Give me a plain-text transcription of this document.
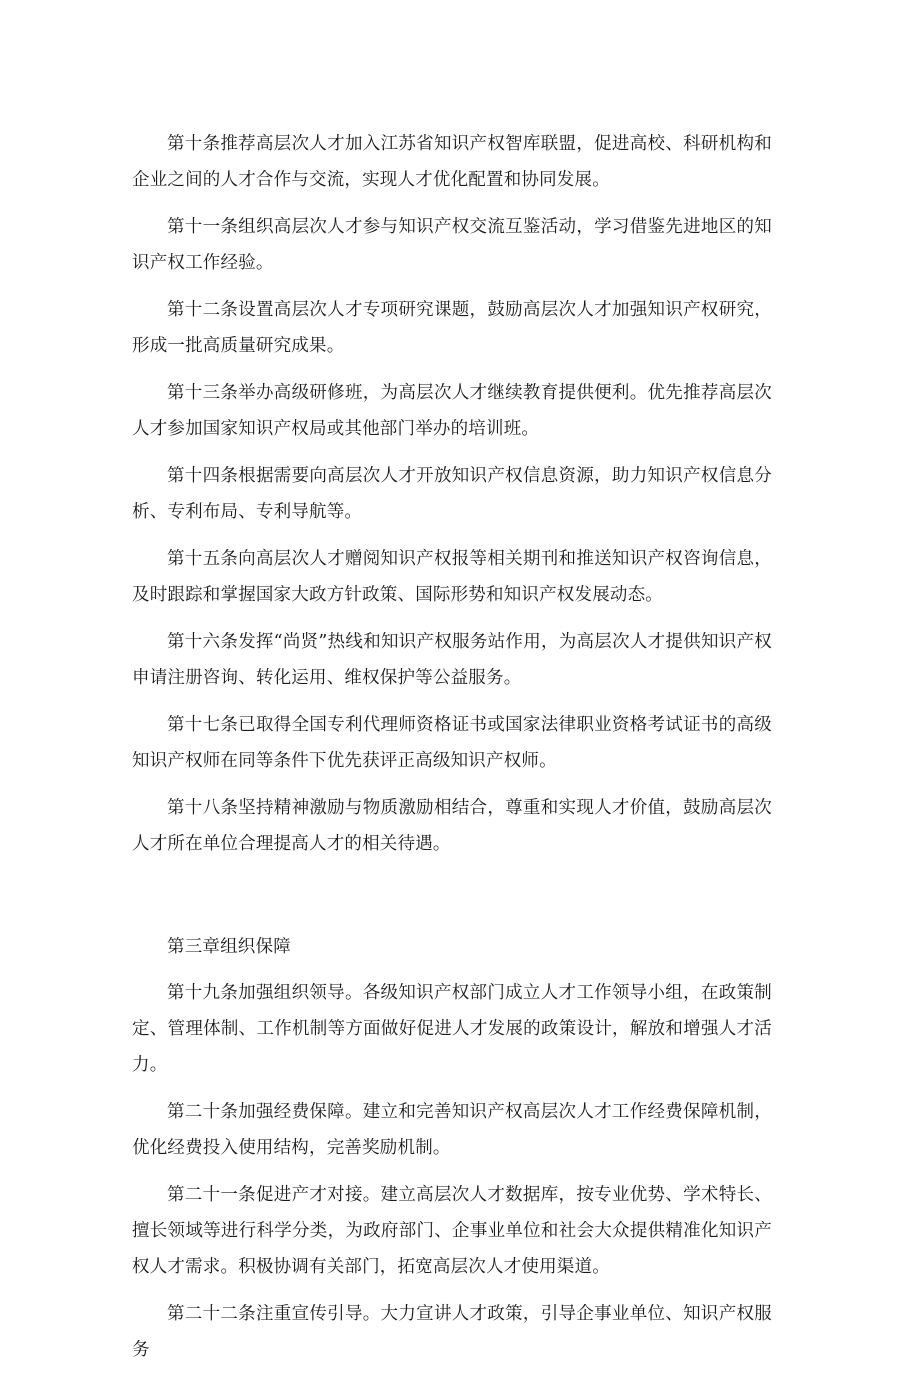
第十条推荐高层次人才加入江苏省知识产权智库联盟，促进高校、科研机构和企业之间的人才合作与交流，实现人才优化配置和协同发展。

第十一条组织高层次人才参与知识产权交流互鉴活动，学习借鉴先进地区的知识产权工作经验。

第十二条设置高层次人才专项研究课题，鼓励高层次人才加强知识产权研究，形成一批高质量研究成果。

第十三条举办高级研修班，为高层次人才继续教育提供便利。优先推荐高层次人才参加国家知识产权局或其他部门举办的培训班。

第十四条根据需要向高层次人才开放知识产权信息资源，助力知识产权信息分析、专利布局、专利导航等。

第十五条向高层次人才赠阅知识产权报等相关期刊和推送知识产权咨询信息，及时跟踪和掌握国家大政方针政策、国际形势和知识产权发展动态。

第十六条发挥“尚贤”热线和知识产权服务站作用，为高层次人才提供知识产权申请注册咨询、转化运用、维权保护等公益服务。

第十七条已取得全国专利代理师资格证书或国家法律职业资格考试证书的高级知识产权师在同等条件下优先获评正高级知识产权师。

第十八条坚持精神激励与物质激励相结合，尊重和实现人才价值，鼓励高层次人才所在单位合理提高人才的相关待遇。

第三章组织保障

第十九条加强组织领导。各级知识产权部门成立人才工作领导小组，在政策制定、管理体制、工作机制等方面做好促进人才发展的政策设计，解放和增强人才活力。

第二十条加强经费保障。建立和完善知识产权高层次人才工作经费保障机制，优化经费投入使用结构，完善奖励机制。

第二十一条促进产才对接。建立高层次人才数据库，按专业优势、学术特长、擅长领域等进行科学分类，为政府部门、企事业单位和社会大众提供精准化知识产权人才需求。积极协调有关部门，拓宽高层次人才使用渠道。

第二十二条注重宣传引导。大力宣讲人才政策，引导企事业单位、知识产权服务
